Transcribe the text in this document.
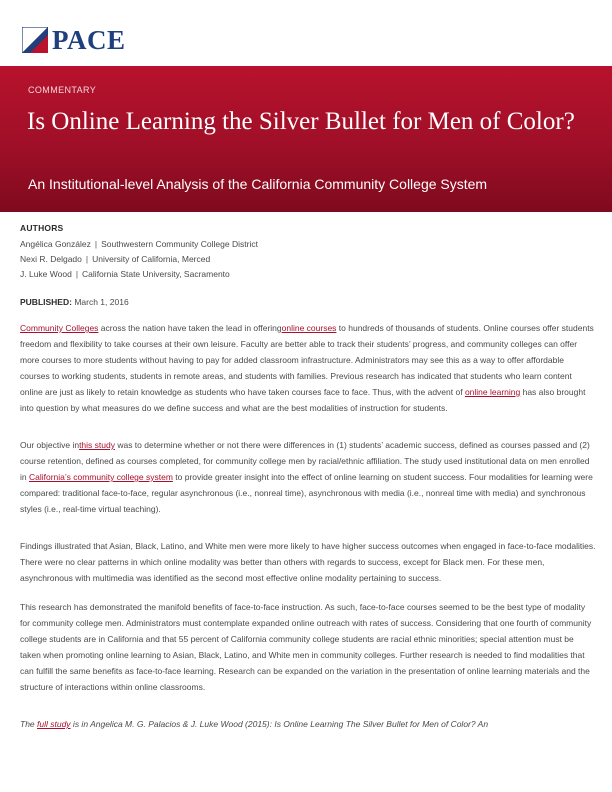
PACE
COMMENTARY
Is Online Learning the Silver Bullet for Men of Color?
An Institutional-level Analysis of the California Community College System
AUTHORS
Angélica González | Southwestern Community College District
Nexi R. Delgado | University of California, Merced
J. Luke Wood | California State University, Sacramento
PUBLISHED: March 1, 2016
Community Colleges across the nation have taken the lead in offeringonline courses to hundreds of thousands of students. Online courses offer students freedom and flexibility to take courses at their own leisure. Faculty are better able to track their students’ progress, and community colleges can offer more courses to more students without having to pay for added classroom infrastructure. Administrators may see this as a way to offer affordable courses to working students, students in remote areas, and students with families. Previous research has indicated that students who learn content online are just as likely to retain knowledge as students who have taken courses face to face. Thus, with the advent of online learning has also brought into question by what measures do we define success and what are the best modalities of instruction for students.
Our objective inthis study was to determine whether or not there were differences in (1) students’ academic success, defined as courses passed and (2) course retention, defined as courses completed, for community college men by racial/ethnic affiliation. The study used institutional data on men enrolled in California’s community college system to provide greater insight into the effect of online learning on student success. Four modalities for learning were compared: traditional face-to-face, regular asynchronous (i.e., nonreal time), asynchronous with media (i.e., nonreal time with media) and synchronous styles (i.e., real-time virtual teaching).
Findings illustrated that Asian, Black, Latino, and White men were more likely to have higher success outcomes when engaged in face-to-face modalities. There were no clear patterns in which online modality was better than others with regards to success, except for Black men. For these men, asynchronous with multimedia was identified as the second most effective online modality pertaining to success.
This research has demonstrated the manifold benefits of face-to-face instruction. As such, face-to-face courses seemed to be the best type of modality for community college men. Administrators must contemplate expanded online outreach with rates of success. Considering that one fourth of community college students are in California and that 55 percent of California community college students are racial ethnic minorities; special attention must be taken when promoting online learning to Asian, Black, Latino, and White men in community colleges. Further research is needed to find modalities that can fulfill the same benefits as face-to-face learning. Research can be expanded on the variation in the presentation of online learning materials and the structure of interactions within online classrooms.
The full study is in Angelica M. G. Palacios & J. Luke Wood (2015): Is Online Learning The Silver Bullet for Men of Color? An
